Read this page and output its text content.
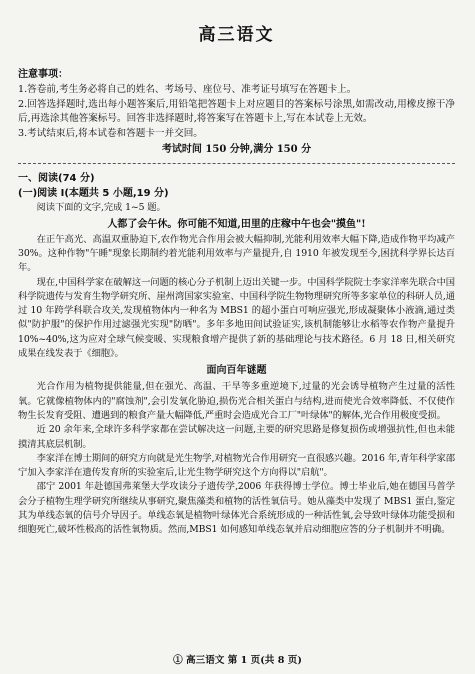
高三语文
注意事项：

1.答卷前,考生务必将自己的姓名、考场号、座位号、准考证号填写在答题卡上。

2.回答选择题时,选出每小题答案后,用铅笔把答题卡上对应题目的答案标号涂黑,如需改动,用橡皮擦干净后,再选涂其他答案标号。回答非选择题时,将答案写在答题卡上,写在本试卷上无效。

3.考试结束后,将本试卷和答题卡一并交回。

考试时间 150 分钟,满分 150 分
一、阅读(74 分)
(一)阅读 I(本题共 5 小题,19 分)

阅读下面的文字,完成 1~5 题。

人都了会午休。你可能不知道,田里的庄稼中午也会"摸鱼"!

在正午高光、高温双重胁迫下,农作物光合作用会被大幅抑制,光能利用效率大幅下降,造成作物平均减产 30%。这种作物"午睡"现象长期制约着光能利用效率与产量提升,自 1910 年被发现至今,困扰科学界长达百年。

现在,中国科学家在破解这一问题的核心分子机制上迈出关键一步。中国科学院院士李家洋率先联合中国科学院遗传与发育生物学研究所、崖州湾国家实验室、中国科学院生物物理研究所等多家单位的科研人员,通过 10 年跨学科联合攻关,发现植物体内一种名为 MBS1 的超小蛋白可响应强光,形成凝聚体小液滴,通过类似"防护服"的保护作用过滤强光实现"防晒"。多年多地田间试验证实,该机制能够让水稻等农作物产量提升10%~40%,这为应对全球气候变暖、实现粮食增产提供了新的基础理论与技术路径。6 月 18 日,相关研究成果在线发表于《细胞》。

面向百年谜题

光合作用为植物提供能量,但在强光、高温、干旱等多重逆境下,过量的光会诱导植物产生过量的活性氧。它就像植物体内的"腐蚀剂",会引发氧化胁迫,损伤光合相关蛋白与结构,进而使光合效率降低、不仅使作物生长发育受阻、遭遇到的粮食产量大幅降低,严重时会造成光合工厂"叶绿体"的解体,光合作用极度受损。

近 20 余年来,全球许多科学家都在尝试解决这一问题,主要的研究思路是修复损伤或增强抗性,但也未能摸清其底层机制。

李家洋在博士期间的研究方向就是光生物学,对植物光合作用研究一直很感兴趣。2016 年,青年科学家邵宁加入李家洋在遗传发育所的实验室后,让光生物学研究这个方向得以"启航"。

邵宁 2001 年赴德国弗莱堡大学攻读分子遗传学,2006 年获得博士学位。博士毕业后,她在德国马普学会分子植物生理学研究所继续从事研究,聚焦藻类和植物的活性氧信号。她从藻类中发现了 MBS1 蛋白,鉴定其为单线态氧的信号介导因子。单线态氧是植物叶绿体光合系统形成的一种活性氧,会导致叶绿体功能受损和细胞死亡,破坏性极高的活性氧物质。然而,MBS1 如何感知单线态氧并启动细胞应答的分子机制并不明确。

① 高三语文 第 1 页(共 8 页)
